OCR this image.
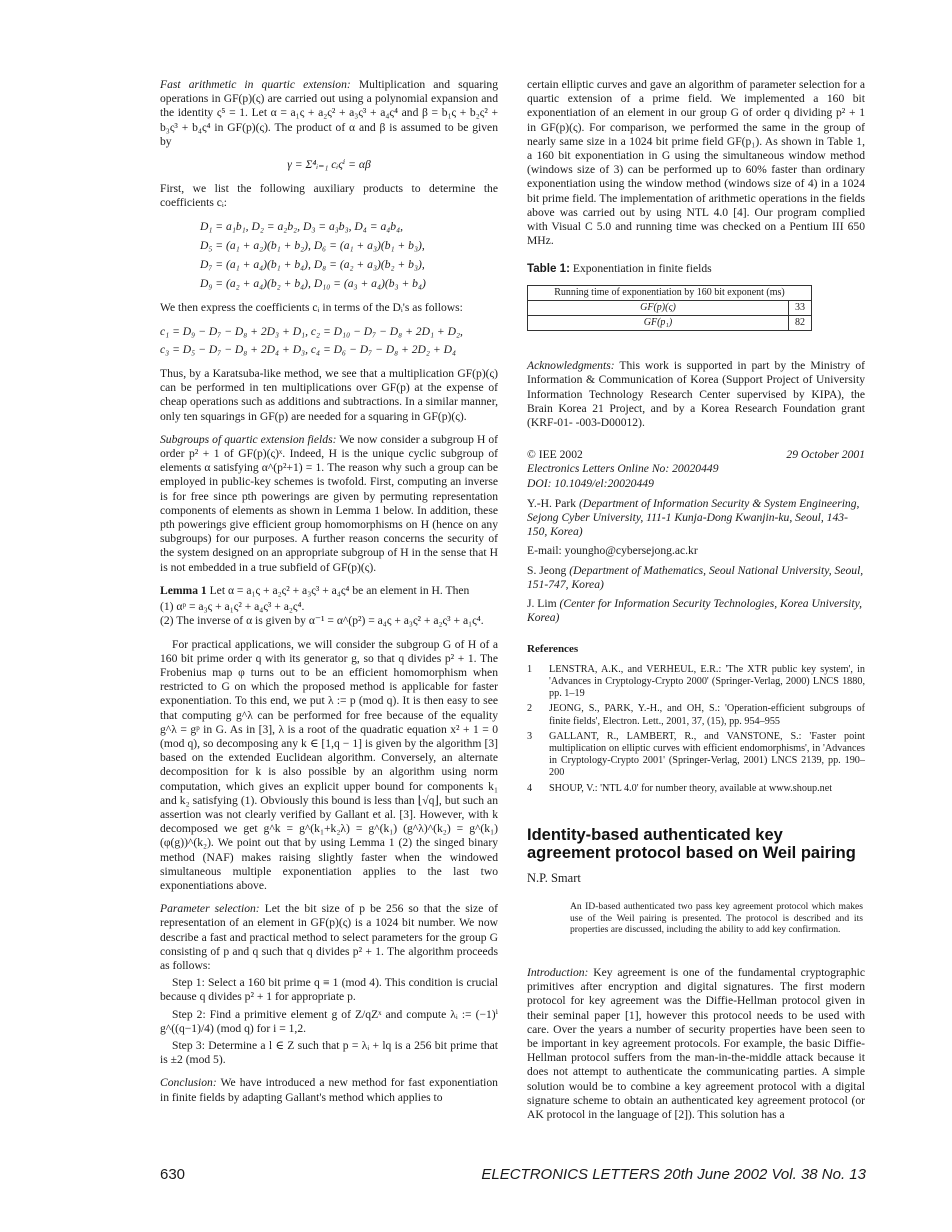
Fast arithmetic in quartic extension: Multiplication and squaring operations in GF(p)(ς) are carried out using a polynomial expansion and the identity ς⁵ = 1. Let α = a₁ς + a₂ς² + a₃ς³ + a₄ς⁴ and β = b₁ς + b₂ς² + b₃ς³ + b₄ς⁴ in GF(p)(ς). The product of α and β is assumed to be given by

γ = Σ⁴ᵢ₌₁ cᵢςⁱ = αβ

First, we list the following auxiliary products to determine the coefficients cᵢ:

D₁ = a₁b₁, D₂ = a₂b₂, D₃ = a₃b₃, D₄ = a₄b₄,
D₅ = (a₁ + a₂)(b₁ + b₂), D₆ = (a₁ + a₃)(b₁ + b₃),
D₇ = (a₁ + a₄)(b₁ + b₄), D₈ = (a₂ + a₃)(b₂ + b₃),
D₉ = (a₂ + a₄)(b₂ + b₄), D₁₀ = (a₃ + a₄)(b₃ + b₄)

We then express the coefficients cᵢ in terms of the Dᵢ's as follows:

c₁ = D₉ − D₇ − D₈ + 2D₃ + D₁, c₂ = D₁₀ − D₇ − D₈ + 2D₁ + D₂,
c₃ = D₅ − D₇ − D₈ + 2D₄ + D₃, c₄ = D₆ − D₇ − D₈ + 2D₂ + D₄

Thus, by a Karatsuba-like method, we see that a multiplication GF(p)(ς) can be performed in ten multiplications over GF(p) at the expense of cheap operations such as additions and subtractions. In a similar manner, only ten squarings in GF(p) are needed for a squaring in GF(p)(ς).

Subgroups of quartic extension fields: We now consider a subgroup H of order p² + 1 of GF(p)(ς)ˣ. Indeed, H is the unique cyclic subgroup of elements α satisfying α^(p²+1) = 1. The reason why such a group can be employed in public-key schemes is twofold. First, computing an inverse is for free since pth powerings are given by permuting representation components of elements as shown in Lemma 1 below. In addition, these pth powerings give efficient group homomorphisms on H (hence on any subgroups) for our purposes. A further reason concerns the security of the system designed on an appropriate subgroup of H in the sense that H is not embedded in a true subfield of GF(p)(ς).

Lemma 1 Let α = a₁ς + a₂ς² + a₃ς³ + a₄ς⁴ be an element in H. Then

(1) αᵖ = a₃ς + a₁ς² + a₄ς³ + a₂ς⁴.
(2) The inverse of α is given by α⁻¹ = α^(p²) = a₄ς + a₃ς² + a₂ς³ + a₁ς⁴.

For practical applications, we will consider the subgroup G of H of a 160 bit prime order q with its generator g, so that q divides p² + 1. The Frobenius map φ turns out to be an efficient homomorphism when restricted to G on which the proposed method is applicable for faster exponentiation. To this end, we put λ := p (mod q). It is then easy to see that computing g^λ can be performed for free because of the equality g^λ = gᵖ in G. As in [3], λ is a root of the quadratic equation x² + 1 = 0 (mod q), so decomposing any k ∈ [1,q − 1] is given by the algorithm [3] based on the extended Euclidean algorithm. Conversely, an alternate decomposition for k is also possible by an algorithm using norm computation, which gives an explicit upper bound for components k₁ and k₂ satisfying (1). Obviously this bound is less than ⌊√q⌋, but such an assertion was not clearly verified by Gallant et al. [3]. However, with k decomposed we get g^k = g^(k₁+k₂λ) = g^(k₁) (g^λ)^(k₂) = g^(k₁) (φ(g))^(k₂). We point out that by using Lemma 1 (2) the singed binary method (NAF) makes raising slightly faster when the windowed simultaneous multiple exponentiation applies to the last two exponentiations above.

Parameter selection: Let the bit size of p be 256 so that the size of representation of an element in GF(p)(ς) is a 1024 bit number. We now describe a fast and practical method to select parameters for the group G consisting of p and q such that q divides p² + 1. The algorithm proceeds as follows:

Step 1: Select a 160 bit prime q ≡ 1 (mod 4). This condition is crucial because q divides p² + 1 for appropriate p.

Step 2: Find a primitive element g of Z/qZˣ and compute λᵢ := (−1)ⁱ g^((q−1)/4) (mod q) for i = 1,2.

Step 3: Determine a l ∈ Z such that p = λᵢ + lq is a 256 bit prime that is ±2 (mod 5).

Conclusion: We have introduced a new method for fast exponentiation in finite fields by adapting Gallant's method which applies to

certain elliptic curves and gave an algorithm of parameter selection for a quartic extension of a prime field. We implemented a 160 bit exponentiation of an element in our group G of order q dividing p² + 1 in GF(p)(ς). For comparison, we performed the same in the group of nearly same size in a 1024 bit prime field GF(p₁). As shown in Table 1, a 160 bit exponentiation in G using the simultaneous window method (windows size of 3) can be performed up to 60% faster than ordinary exponentiation using the window method (windows size of 4) in a 1024 bit prime field. The implementation of arithmetic operations in the fields above was carried out by using NTL 4.0 [4]. Our program complied with Visual C 5.0 and running time was checked on a Pentium III 650 MHz.

Table 1: Exponentiation in finite fields
Running time of exponentiation by 160 bit exponent (ms)	
GF(p)(ς)	33
GF(p₁)	82

Acknowledgments: This work is supported in part by the Ministry of Information & Communication of Korea (Support Project of University Information Technology Research Center supervised by KIPA), the Brain Korea 21 Project, and by a Korea Research Foundation grant (KRF-01- -003-D00012).

© IEE 2002	29 October 2001
Electronics Letters Online No: 20020449
DOI: 10.1049/el:20020449

Y.-H. Park (Department of Information Security & System Engineering, Sejong Cyber University, 111-1 Kunja-Dong Kwanjin-ku, Seoul, 143-150, Korea)

E-mail: youngho@cybersejong.ac.kr

S. Jeong (Department of Mathematics, Seoul National University, Seoul, 151-747, Korea)

J. Lim (Center for Information Security Technologies, Korea University, Korea)

References
1	LENSTRA, A.K., and VERHEUL, E.R.: 'The XTR public key system', in 'Advances in Cryptology-Crypto 2000' (Springer-Verlag, 2000) LNCS 1880, pp. 1–19
2	JEONG, S., PARK, Y.-H., and OH, S.: 'Operation-efficient subgroups of finite fields', Electron. Lett., 2001, 37, (15), pp. 954–955
3	GALLANT, R., LAMBERT, R., and VANSTONE, S.: 'Faster point multiplication on elliptic curves with efficient endomorphisms', in 'Advances in Cryptology-Crypto 2001' (Springer-Verlag, 2001) LNCS 2139, pp. 190–200
4	SHOUP, V.: 'NTL 4.0' for number theory, available at www.shoup.net
Identity-based authenticated key agreement protocol based on Weil pairing
N.P. Smart
An ID-based authenticated two pass key agreement protocol which makes use of the Weil pairing is presented. The protocol is described and its properties are discussed, including the ability to add key confirmation.

Introduction: Key agreement is one of the fundamental cryptographic primitives after encryption and digital signatures. The first modern protocol for key agreement was the Diffie-Hellman protocol given in their seminal paper [1], however this protocol needs to be used with care. Over the years a number of security properties have been seen to be important in key agreement protocols. For example, the basic Diffie-Hellman protocol suffers from the man-in-the-middle attack because it does not attempt to authenticate the communicating parties. A simple solution would be to combine a key agreement protocol with a digital signature scheme to obtain an authenticated key agreement protocol (or AK protocol in the language of [2]). This solution has a

630	ELECTRONICS LETTERS 20th June 2002 Vol. 38 No. 13
